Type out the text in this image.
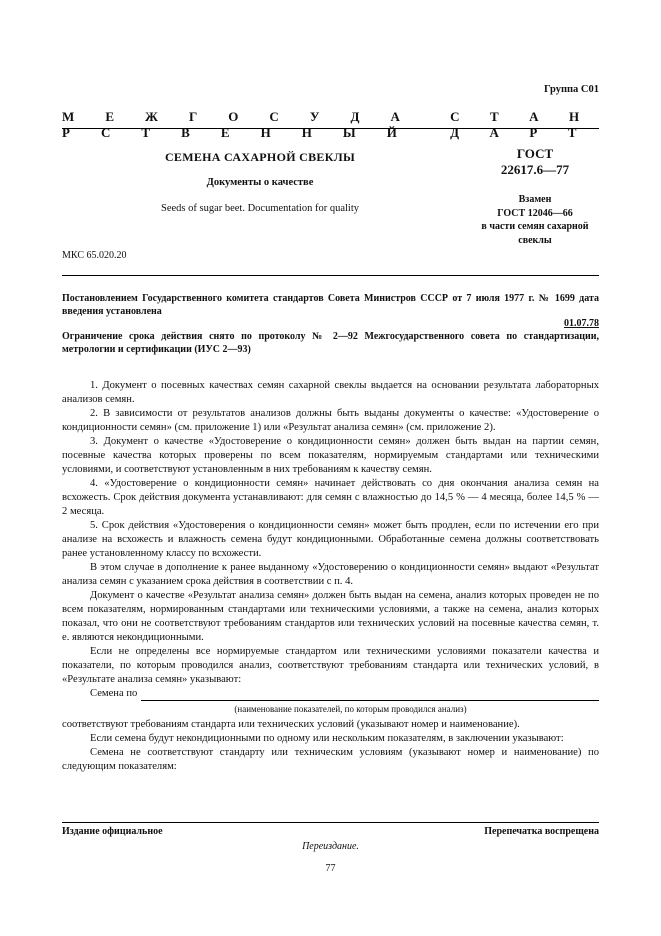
Группа С01
М Е Ж Г О С У Д А Р С Т В Е Н Н Ы Й
С Т А Н Д А Р Т
СЕМЕНА САХАРНОЙ СВЕКЛЫ
Документы о качестве
Seeds of sugar beet. Documentation for quality
ГОСТ
22617.6—77
Взамен
ГОСТ 12046—66
в части семян сахарной
свеклы
МКС 65.020.20
Постановлением Государственного комитета стандартов Совета Министров СССР от 7 июля 1977 г. № 1699 дата введения установлена
01.07.78
Ограничение срока действия снято по протоколу № 2—92 Межгосударственного совета по стандартизации, метрологии и сертификации (ИУС 2—93)

1. Документ о посевных качествах семян сахарной свеклы выдается на основании результата лабораторных анализов семян.

2. В зависимости от результатов анализов должны быть выданы документы о качестве: «Удостоверение о кондиционности семян» (см. приложение 1) или «Результат анализа семян» (см. приложение 2).

3. Документ о качестве «Удостоверение о кондиционности семян» должен быть выдан на партии семян, посевные качества которых проверены по всем показателям, нормируемым стандартами или техническими условиями, и соответствуют установленным в них требованиям к качеству семян.

4. «Удостоверение о кондиционности семян» начинает действовать со дня окончания анализа семян на всхожесть. Срок действия документа устанавливают: для семян с влажностью до 14,5 % — 4 месяца, более 14,5 % — 2 месяца.

5. Срок действия «Удостоверения о кондиционности семян» может быть продлен, если по истечении его при анализе на всхожесть и влажность семена будут кондиционными. Обработанные семена должны соответствовать ранее установленному классу по всхожести.

В этом случае в дополнение к ранее выданному «Удостоверению о кондиционности семян» выдают «Результат анализа семян с указанием срока действия в соответствии с п. 4.

Документ о качестве «Результат анализа семян» должен быть выдан на семена, анализ которых проведен не по всем показателям, нормированным стандартами или техническими условиями, а также на семена, анализ которых показал, что они не соответствуют требованиям стандартов или технических условий на посевные качества семян, т. е. являются некондиционными.

Если не определены все нормируемые стандартом или техническими условиями показатели качества и показатели, по которым проводился анализ, соответствуют требованиям стандарта или технических условий, в «Результате анализа семян» указывают:

Семена по
(наименование показателей, по которым проводился анализ)

соответствуют требованиям стандарта или технических условий (указывают номер и наименование).

Если семена будут некондиционными по одному или нескольким показателям, в заключении указывают:

Семена не соответствуют стандарту или техническим условиям (указывают номер и наименование) по следующим показателям:

Издание официальное	Перепечатка воспрещена
Переиздание.
77
